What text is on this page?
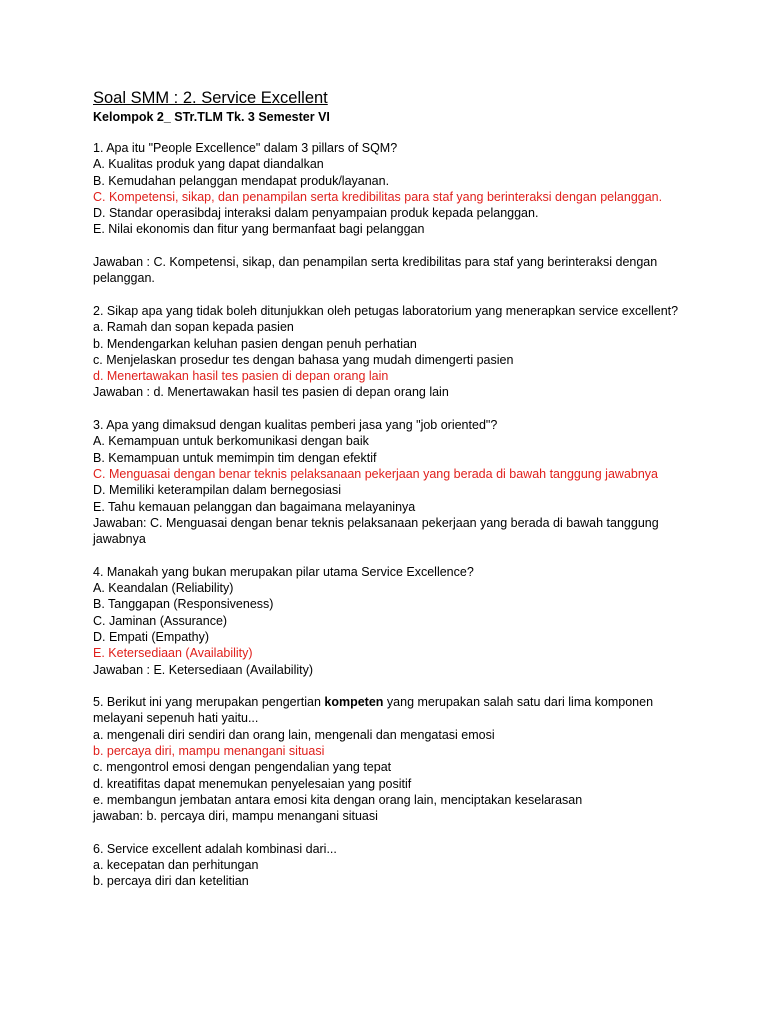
Soal SMM : 2. Service Excellent

Kelompok 2_ STr.TLM Tk. 3 Semester VI

1. Apa itu "People Excellence" dalam 3 pillars of SQM?

A. Kualitas produk yang dapat diandalkan

B. Kemudahan pelanggan mendapat produk/layanan.

C. Kompetensi, sikap, dan penampilan serta kredibilitas para staf yang berinteraksi dengan pelanggan.

D. Standar operasibdaj interaksi dalam penyampaian produk kepada pelanggan.

E. Nilai ekonomis dan fitur yang bermanfaat bagi pelanggan

Jawaban : C. Kompetensi, sikap, dan penampilan serta kredibilitas para staf yang berinteraksi dengan pelanggan.

2. Sikap apa yang tidak boleh ditunjukkan oleh petugas laboratorium yang menerapkan service excellent?

a. Ramah dan sopan kepada pasien

b. Mendengarkan keluhan pasien dengan penuh perhatian

c. Menjelaskan prosedur tes dengan bahasa yang mudah dimengerti pasien

d. Menertawakan hasil tes pasien di depan orang lain

Jawaban : d. Menertawakan hasil tes pasien di depan orang lain

3. Apa yang dimaksud dengan kualitas pemberi jasa yang "job oriented"?

A. Kemampuan untuk berkomunikasi dengan baik

B. Kemampuan untuk memimpin tim dengan efektif

C. Menguasai dengan benar teknis pelaksanaan pekerjaan yang berada di bawah tanggung jawabnya

D. Memiliki keterampilan dalam bernegosiasi

E. Tahu kemauan pelanggan dan bagaimana melayaninya

Jawaban: C. Menguasai dengan benar teknis pelaksanaan pekerjaan yang berada di bawah tanggung jawabnya

4. Manakah yang bukan merupakan pilar utama Service Excellence?

A. Keandalan (Reliability)

B. Tanggapan (Responsiveness)

C. Jaminan (Assurance)

D. Empati (Empathy)

E. Ketersediaan (Availability)

Jawaban : E. Ketersediaan (Availability)

5. Berikut ini yang merupakan pengertian kompeten yang merupakan salah satu dari lima komponen melayani sepenuh hati yaitu...

a. mengenali diri sendiri dan orang lain, mengenali dan mengatasi emosi

b. percaya diri, mampu menangani situasi

c. mengontrol emosi dengan pengendalian yang tepat

d. kreatifitas dapat menemukan penyelesaian yang positif

e. membangun jembatan antara emosi kita dengan orang lain, menciptakan keselarasan

jawaban: b. percaya diri, mampu menangani situasi

6. Service excellent adalah kombinasi dari...

a. kecepatan dan perhitungan

b. percaya diri dan ketelitian
